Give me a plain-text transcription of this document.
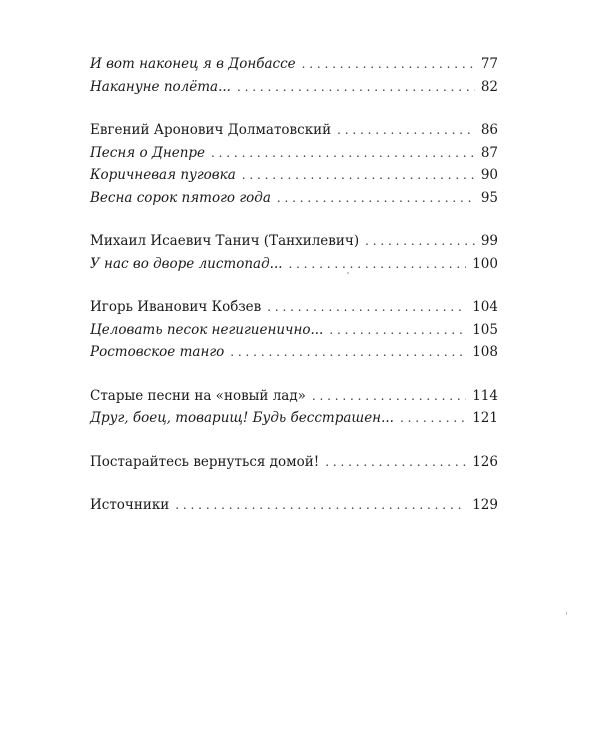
И вот наконец я в Донбассе . . .	77
Накануне полёта... . . .	82
Евгений Аронович Долматовский . . .	86
Песня о Днепре . . .	87
Коричневая пуговка . . .	90
Весна сорок пятого года . . .	95
Михаил Исаевич Танич (Танхилевич) . . .	99
У нас во дворе листопад... . . .	100
Игорь Иванович Кобзев . . .	104
Целовать песок негигиенично... . . .	105
Ростовское танго . . .	108
Старые песни на «новый лад» . . .	114
Друг, боец, товарищ! Будь бесстрашен... . . .	121
Постарайтесь вернуться домой! . . .	126
Источники . . .	129
